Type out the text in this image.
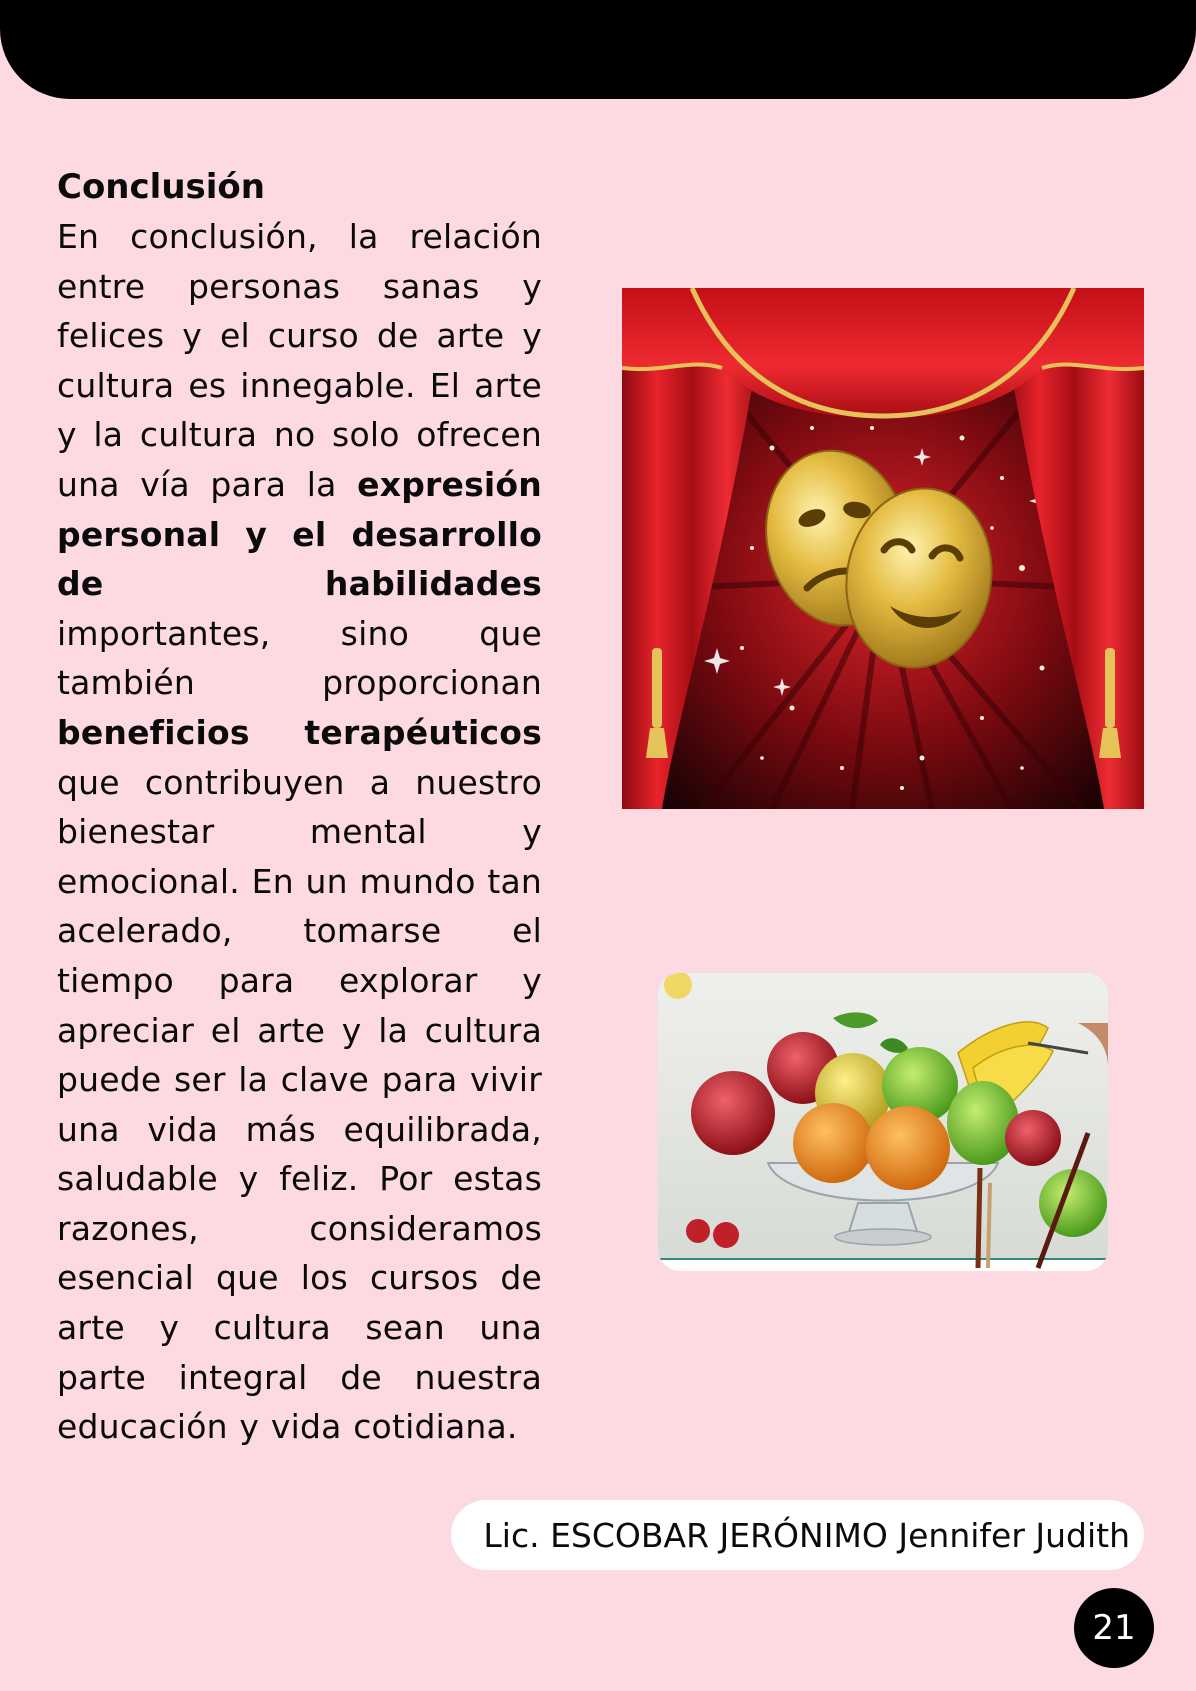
Conclusión

En conclusión, la relación entre personas sanas y felices y el curso de arte y cultura es innegable. El arte y la cultura no solo ofrecen una vía para la expresión personal y el desarrollo de habilidades importantes, sino que también proporcionan beneficios terapéuticos que contribuyen a nuestro bienestar mental y emocional. En un mundo tan acelerado, tomarse el tiempo para explorar y apreciar el arte y la cultura puede ser la clave para vivir una vida más equilibrada, saludable y feliz. Por estas razones, consideramos esencial que los cursos de arte y cultura sean una parte integral de nuestra educación y vida cotidiana.

Lic. ESCOBAR JERÓNIMO Jennifer Judith
21
